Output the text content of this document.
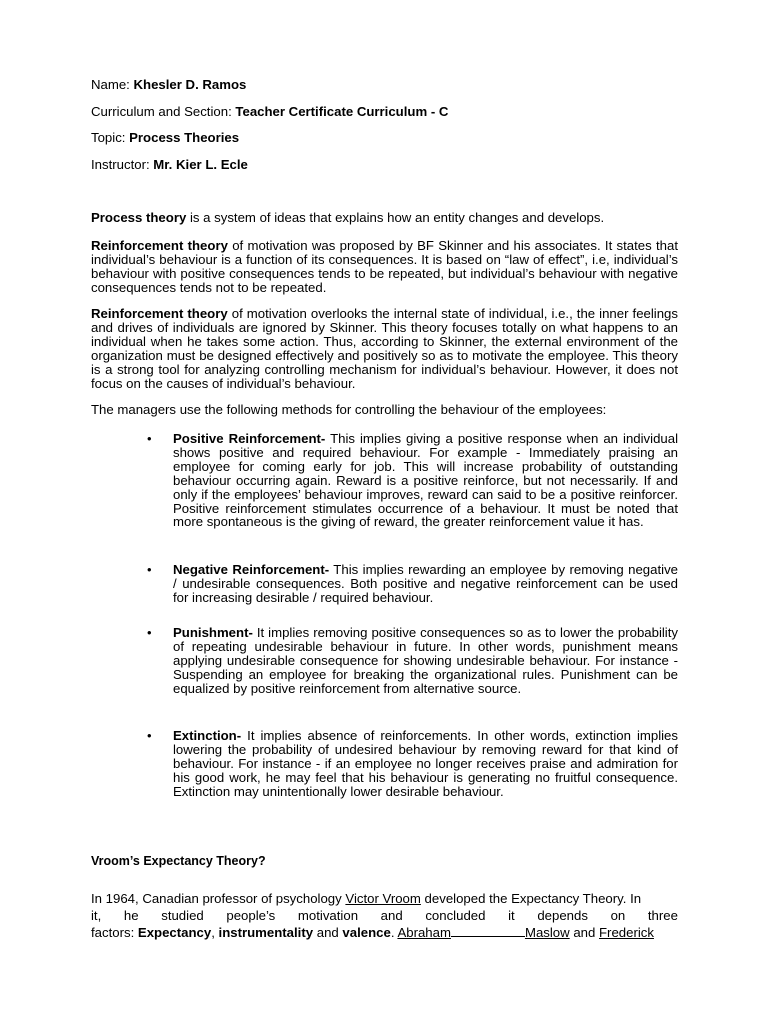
Name: Khesler D. Ramos
Curriculum and Section: Teacher Certificate Curriculum - C
Topic: Process Theories
Instructor: Mr. Kier L. Ecle
Process theory is a system of ideas that explains how an entity changes and develops.
Reinforcement theory of motivation was proposed by BF Skinner and his associates. It states that individual’s behaviour is a function of its consequences. It is based on “law of effect”, i.e, individual’s behaviour with positive consequences tends to be repeated, but individual’s behaviour with negative consequences tends not to be repeated.
Reinforcement theory of motivation overlooks the internal state of individual, i.e., the inner feelings and drives of individuals are ignored by Skinner. This theory focuses totally on what happens to an individual when he takes some action. Thus, according to Skinner, the external environment of the organization must be designed effectively and positively so as to motivate the employee. This theory is a strong tool for analyzing controlling mechanism for individual’s behaviour. However, it does not focus on the causes of individual’s behaviour.
The managers use the following methods for controlling the behaviour of the employees:
• Positive Reinforcement- This implies giving a positive response when an individual shows positive and required behaviour. For example - Immediately praising an employee for coming early for job. This will increase probability of outstanding behaviour occurring again. Reward is a positive reinforce, but not necessarily. If and only if the employees’ behaviour improves, reward can said to be a positive reinforcer. Positive reinforcement stimulates occurrence of a behaviour. It must be noted that more spontaneous is the giving of reward, the greater reinforcement value it has.
• Negative Reinforcement- This implies rewarding an employee by removing negative / undesirable consequences. Both positive and negative reinforcement can be used for increasing desirable / required behaviour.
• Punishment- It implies removing positive consequences so as to lower the probability of repeating undesirable behaviour in future. In other words, punishment means applying undesirable consequence for showing undesirable behaviour. For instance - Suspending an employee for breaking the organizational rules. Punishment can be equalized by positive reinforcement from alternative source.
• Extinction- It implies absence of reinforcements. In other words, extinction implies lowering the probability of undesired behaviour by removing reward for that kind of behaviour. For instance - if an employee no longer receives praise and admiration for his good work, he may feel that his behaviour is generating no fruitful consequence. Extinction may unintentionally lower desirable behaviour.
Vroom’s Expectancy Theory?
In 1964, Canadian professor of psychology Victor Vroom developed the Expectancy Theory. In
it, he studied people’s motivation and concluded it depends on three
factors: Expectancy, instrumentality and valence. Abraham	Maslow and Frederick
